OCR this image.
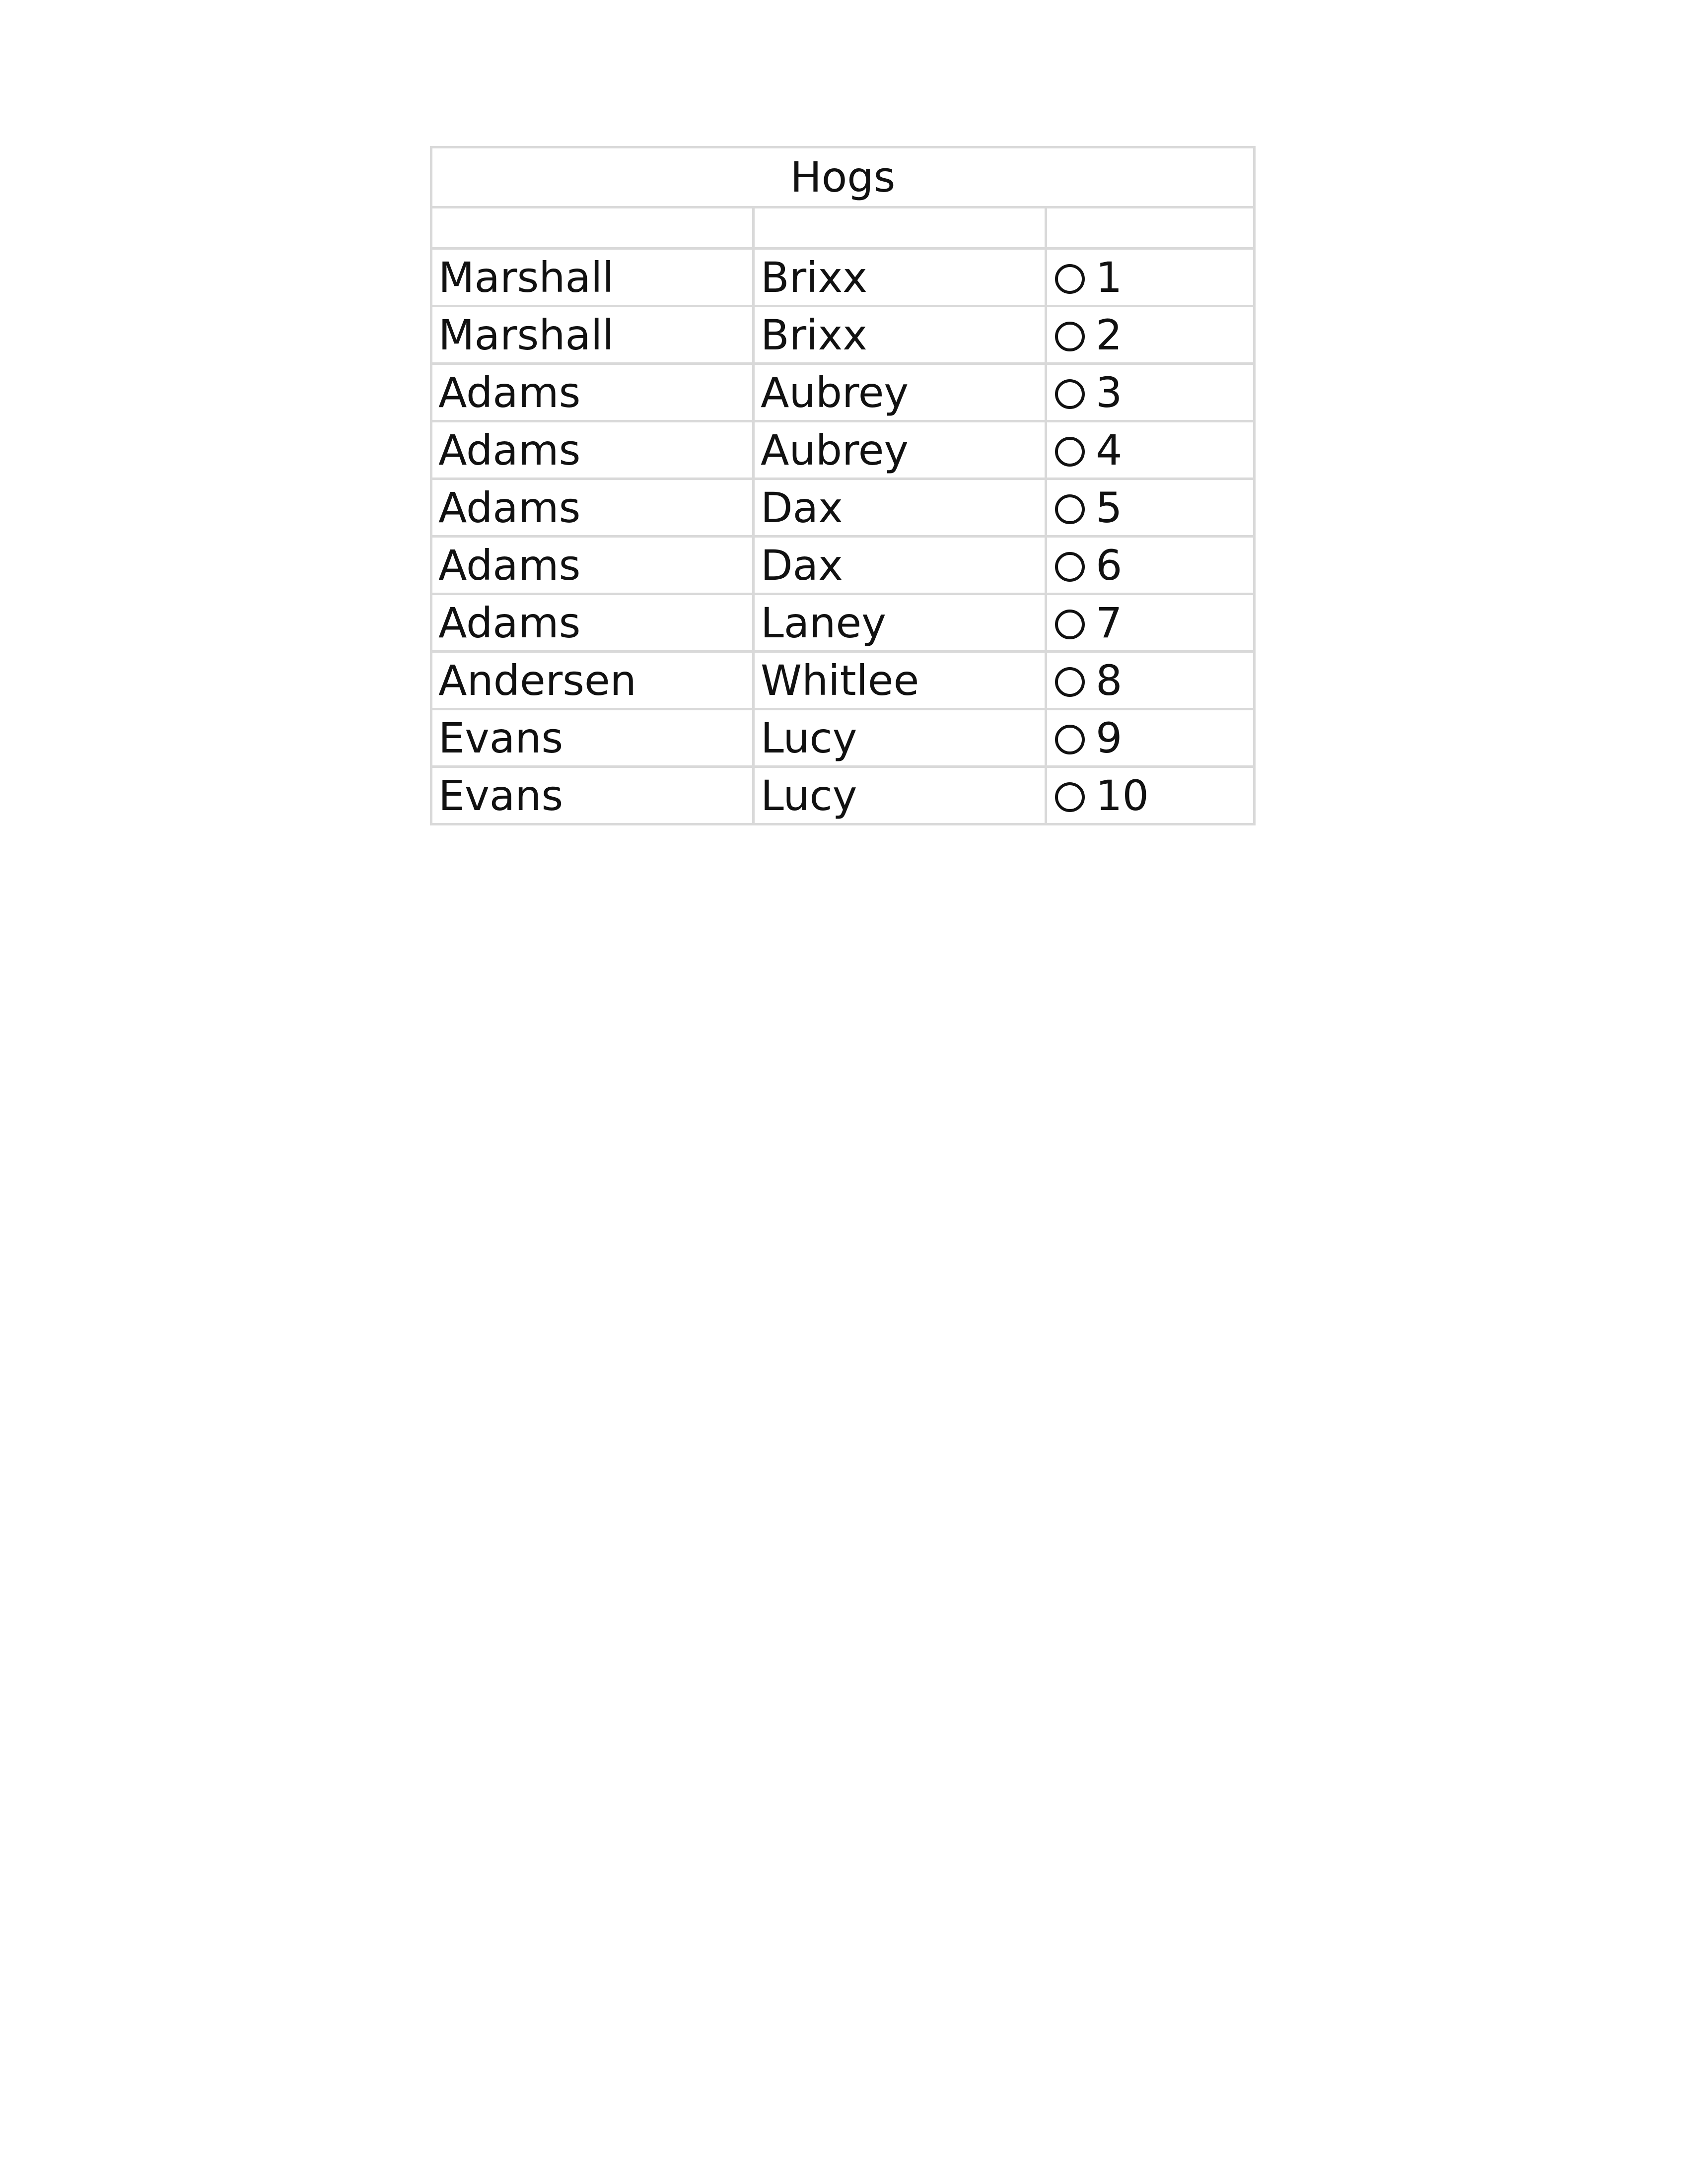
Hogs		

Marshall	Brixx	1
Marshall	Brixx	2
Adams	Aubrey	3
Adams	Aubrey	4
Adams	Dax	5
Adams	Dax	6
Adams	Laney	7
Andersen	Whitlee	8
Evans	Lucy	9
Evans	Lucy	10
